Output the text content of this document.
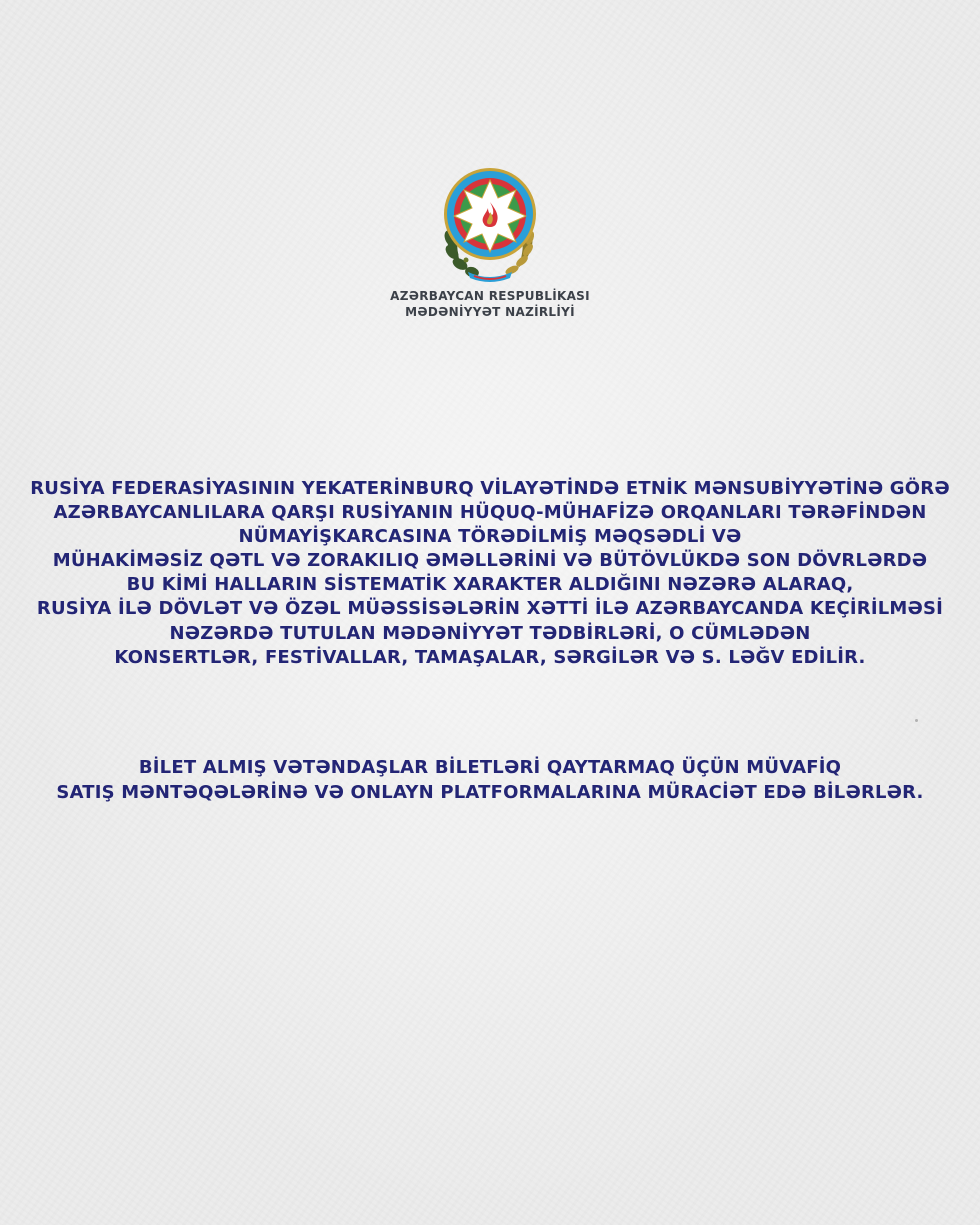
AZƏRBAYCAN RESPUBLİKASI
MƏDƏNİYYƏT NAZİRLİYİ
RUSİYA FEDERASİYASININ YEKATERİNBURQ VİLAYƏTİNDƏ ETNİK MƏNSUBİYYƏTİNƏ GÖRƏ
AZƏRBAYCANLILARA QARŞI RUSİYANIN HÜQUQ-MÜHAFİZƏ ORQANLARI TƏRƏFİNDƏN
NÜMAYİŞKARCASINA TÖRƏDİLMİŞ MƏQSƏDLİ VƏ
MÜHAKİMƏSİZ QƏTL VƏ ZORAKILIQ ƏMƏLLƏRİNİ VƏ BÜTÖVLÜKDƏ SON DÖVRLƏRDƏ
BU KİMİ HALLARIN SİSTEMATİK XARAKTER ALDIĞINI NƏZƏRƏ ALARAQ,
RUSİYA İLƏ DÖVLƏT VƏ ÖZƏL MÜƏSSİSƏLƏRİN XƏTTİ İLƏ AZƏRBAYCANDA KEÇİRİLMƏSİ
NƏZƏRDƏ TUTULAN MƏDƏNİYYƏT TƏDBİRLƏRİ, O CÜMLƏDƏN
KONSERTLƏR, FESTİVALLAR, TAMAŞALAR, SƏRGİLƏR VƏ S. LƏĞV EDİLİR.
BİLET ALMIŞ VƏTƏNDAŞLAR BİLETLƏRİ QAYTARMAQ ÜÇÜN MÜVAFİQ
SATIŞ MƏNTƏQƏLƏRİNƏ VƏ ONLAYN PLATFORMALARINA MÜRACİƏT EDƏ BİLƏRLƏR.
